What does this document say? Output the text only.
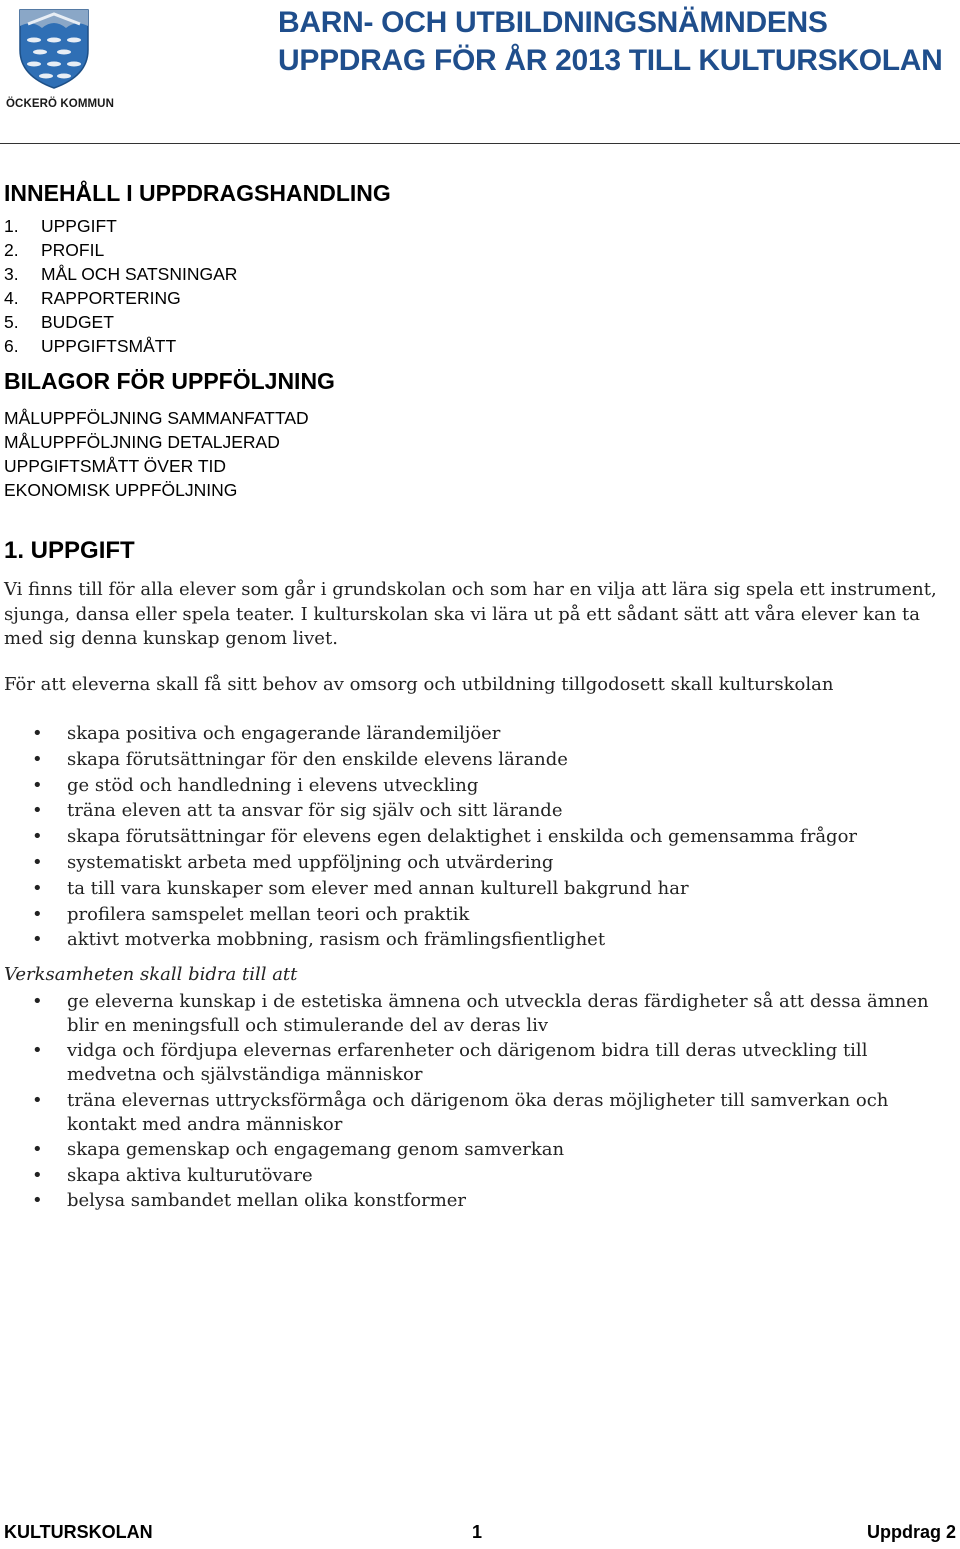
ÖCKERÖ KOMMUN
BARN- OCH UTBILDNINGSNÄMNDENS
UPPDRAG FÖR ÅR 2013 TILL KULTURSKOLAN
INNEHÅLL I UPPDRAGSHANDLING
1.	UPPGIFT
2.	PROFIL
3.	MÅL OCH SATSNINGAR
4.	RAPPORTERING
5.	BUDGET
6.	UPPGIFTSMÅTT
BILAGOR FÖR UPPFÖLJNING
MÅLUPPFÖLJNING SAMMANFATTAD
MÅLUPPFÖLJNING DETALJERAD
UPPGIFTSMÅTT ÖVER TID
EKONOMISK UPPFÖLJNING
1. UPPGIFT

Vi finns till för alla elever som går i grundskolan och som har en vilja att lära sig spela ett instrument, sjunga, dansa eller spela teater. I kulturskolan ska vi lära ut på ett sådant sätt att våra elever kan ta med sig denna kunskap genom livet.

För att eleverna skall få sitt behov av omsorg och utbildning tillgodosett skall kulturskolan

• skapa positiva och engagerande lärandemiljöer
• skapa förutsättningar för den enskilde elevens lärande
• ge stöd och handledning i elevens utveckling
• träna eleven att ta ansvar för sig själv och sitt lärande
• skapa förutsättningar för elevens egen delaktighet i enskilda och gemensamma frågor
• systematiskt arbeta med uppföljning och utvärdering
• ta till vara kunskaper som elever med annan kulturell bakgrund har
• profilera samspelet mellan teori och praktik
• aktivt motverka mobbning, rasism och främlingsfientlighet

Verksamheten skall bidra till att

• ge eleverna kunskap i de estetiska ämnena och utveckla deras färdigheter så att dessa ämnen blir en meningsfull och stimulerande del av deras liv
• vidga och fördjupa elevernas erfarenheter och därigenom bidra till deras utveckling till medvetna och självständiga människor
• träna elevernas uttrycksförmåga och därigenom öka deras möjligheter till samverkan och kontakt med andra människor
• skapa gemenskap och engagemang genom samverkan
• skapa aktiva kulturutövare
• belysa sambandet mellan olika konstformer
KULTURSKOLAN	1	Uppdrag 2
